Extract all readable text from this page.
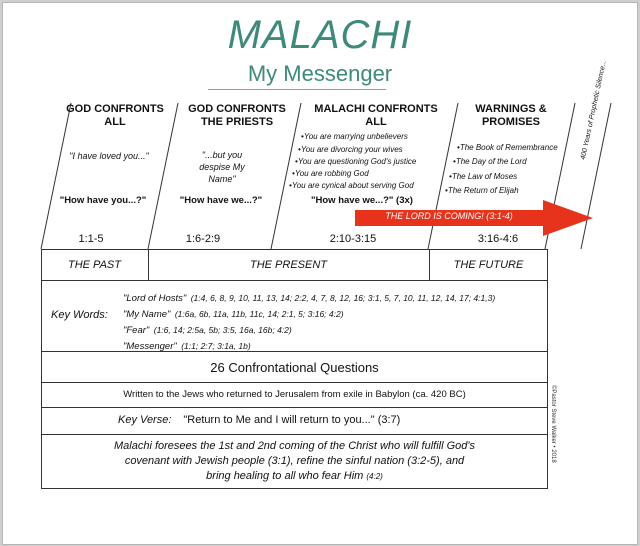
MALACHI
My Messenger
GOD CONFRONTS ALL
"I have loved you..."
"How have you...?"
1:1-5
GOD CONFRONTS THE PRIESTS
"...but you despise My Name"
"How have we...?"
1:6-2:9
MALACHI CONFRONTS ALL
•You are marrying unbelievers
•You are divorcing your wives
•You are questioning God's justice
•You are robbing God
•You are cynical about serving God
"How have we...?" (3x)
2:10-3:15
WARNINGS & PROMISES
•The Book of Remembrance
•The Day of the Lord
•The Law of Moses
•The Return of Elijah
3:16-4:6
400 Years of Prophetic Silence...
THE LORD IS COMING! (3:1-4)
THE PAST	THE PRESENT	THE FUTURE
Key Words:
"Lord of Hosts" (1:4, 6, 8, 9, 10, 11, 13, 14; 2:2, 4, 7, 8, 12, 16; 3:1, 5, 7, 10, 11, 12, 14, 17; 4:1,3)
"My Name" (1:6a, 6b, 11a, 11b, 11c, 14; 2:1, 5; 3:16; 4:2)
"Fear" (1:6, 14; 2:5a, 5b; 3:5, 16a, 16b; 4:2)
"Messenger" (1:1; 2:7; 3:1a, 1b)
©Pastor Steve Walker • 2018
26 Confrontational Questions
Written to the Jews who returned to Jerusalem from exile in Babylon (ca. 420 BC)
Key Verse: "Return to Me and I will return to you..." (3:7)
Malachi foresees the 1st and 2nd coming of the Christ who will fulfill God's
covenant with Jewish people (3:1), refine the sinful nation (3:2-5), and
bring healing to all who fear Him (4:2)
